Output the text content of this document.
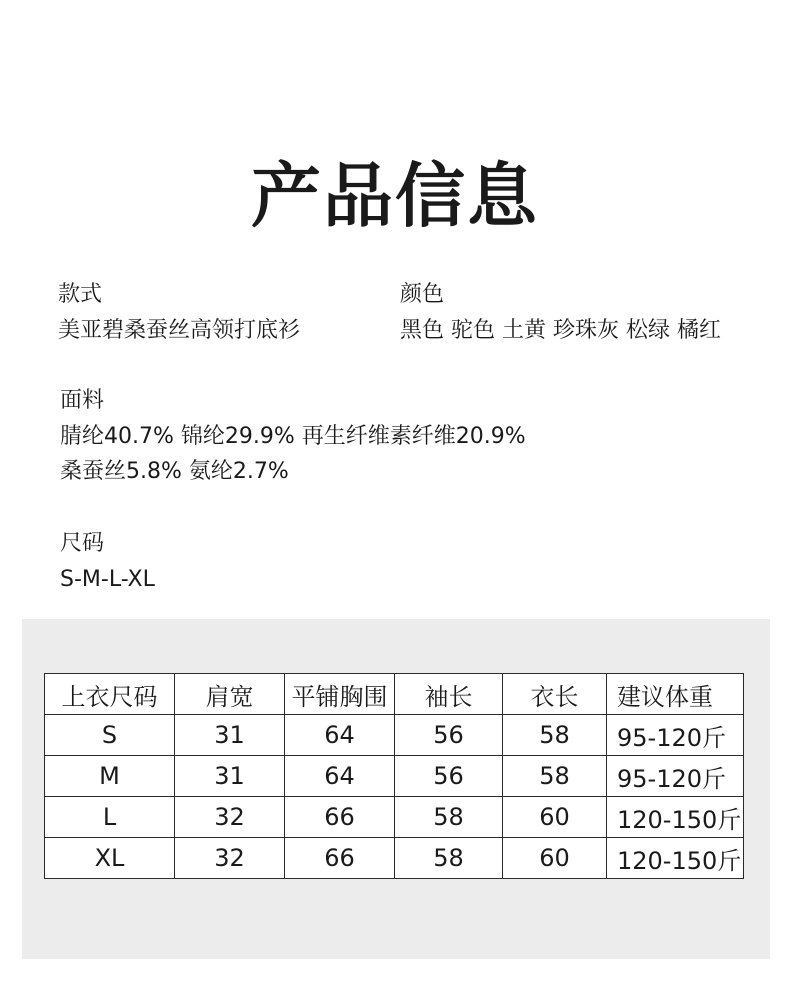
产品信息
款式
美亚碧桑蚕丝高领打底衫
颜色
黑色 驼色 土黄 珍珠灰 松绿 橘红
面料
腈纶40.7% 锦纶29.9% 再生纤维素纤维20.9%
桑蚕丝5.8% 氨纶2.7%
尺码
S-M-L-XL
上衣尺码	肩宽	平铺胸围	袖长	衣长	建议体重
S	31	64	56	58	95-120斤
M	31	64	56	58	95-120斤
L	32	66	58	60	120-150斤
XL	32	66	58	60	120-150斤
